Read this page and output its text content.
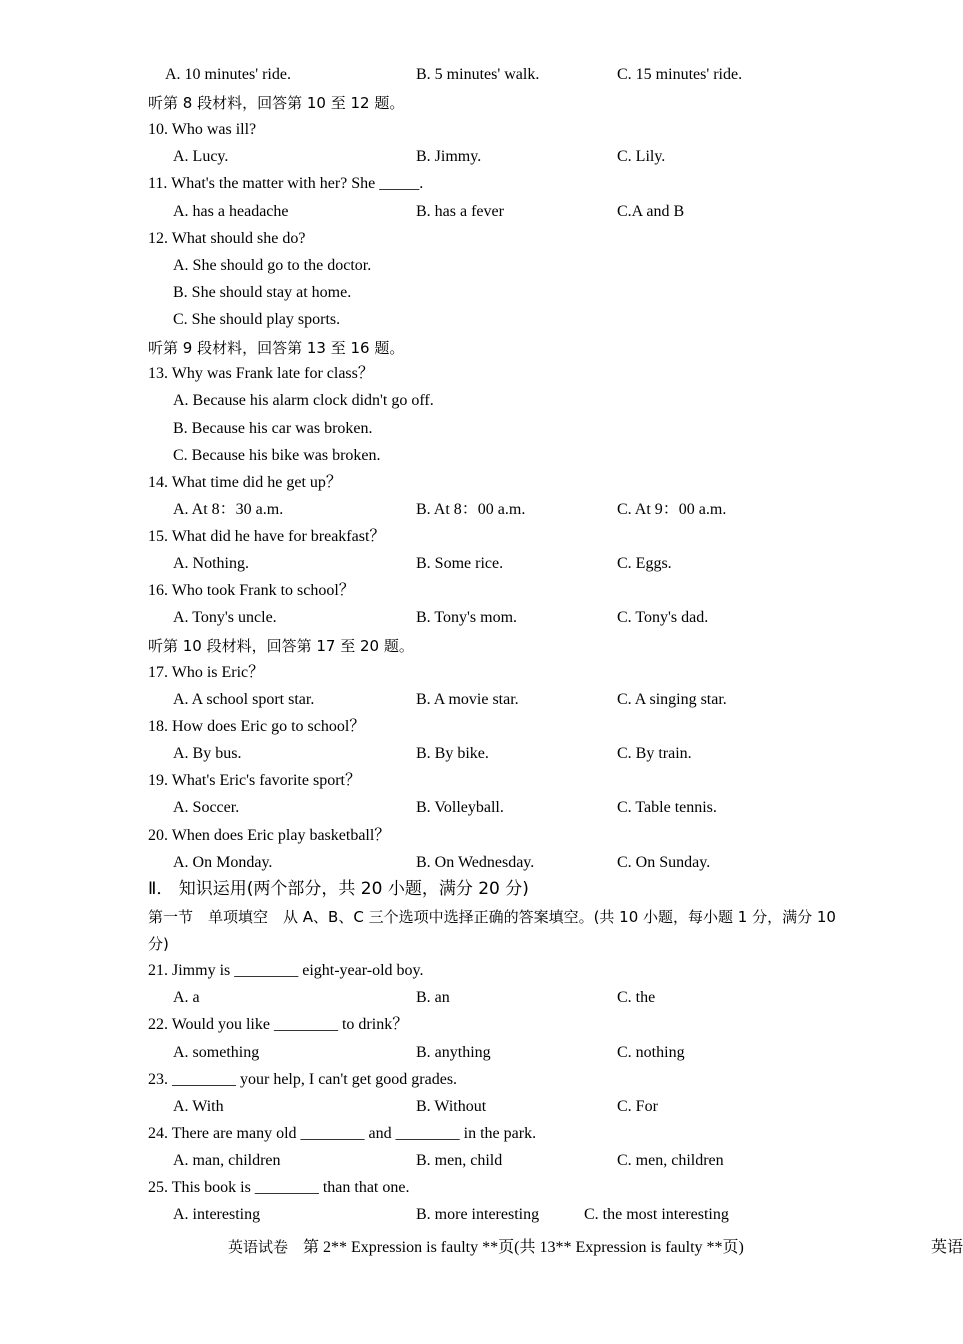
A. 10 minutes' ride.	B. 5 minutes' walk.	C. 15 minutes' ride.
听第 8 段材料，回答第 10 至 12 题。
10. Who was ill?
A. Lucy.	B. Jimmy.	C. Lily.
11. What's the matter with her? She _____.
A. has a headache	B. has a fever	C.A and B
12. What should she do?
A. She should go to the doctor.
B. She should stay at home.
C. She should play sports.
听第 9 段材料，回答第 13 至 16 题。
13. Why was Frank late for class？
A. Because his alarm clock didn't go off.
B. Because his car was broken.
C. Because his bike was broken.
14. What time did he get up？
A. At 8：30 a.m.	B. At 8：00 a.m.	C. At 9：00 a.m.
15. What did he have for breakfast？
A. Nothing.	B. Some rice.	C. Eggs.
16. Who took Frank to school？
A. Tony's uncle.	B. Tony's mom.	C. Tony's dad.
听第 10 段材料，回答第 17 至 20 题。
17. Who is Eric？
A. A school sport star.	B. A movie star.	C. A singing star.
18. How does Eric go to school？
A. By bus.	B. By bike.	C. By train.
19. What's Eric's favorite sport？
A. Soccer.	B. Volleyball.	C. Table tennis.
20. When does Eric play basketball？
A. On Monday.	B. On Wednesday.	C. On Sunday.
Ⅱ． 知识运用(两个部分，共 20 小题，满分 20 分)
第一节　单项填空　从 A、B、C 三个选项中选择正确的答案填空。(共 10 小题，每小题 1 分，满分 10
分)
21. Jimmy is ________ eight-year-old boy.
A. a	B. an	C. the
22. Would you like ________ to drink？
A. something	B. anything	C. nothing
23. ________ your help, I can't get good grades.
A. With	B. Without	C. For
24. There are many old ________ and ________ in the park.
A. man, children	B. men, child	C. men, children
25. This book is ________ than that one.
A. interesting	B. more interesting	C. the most interesting
英语试卷　第 2** Expression is faulty **页(共 13** Expression is faulty **页)	英语
